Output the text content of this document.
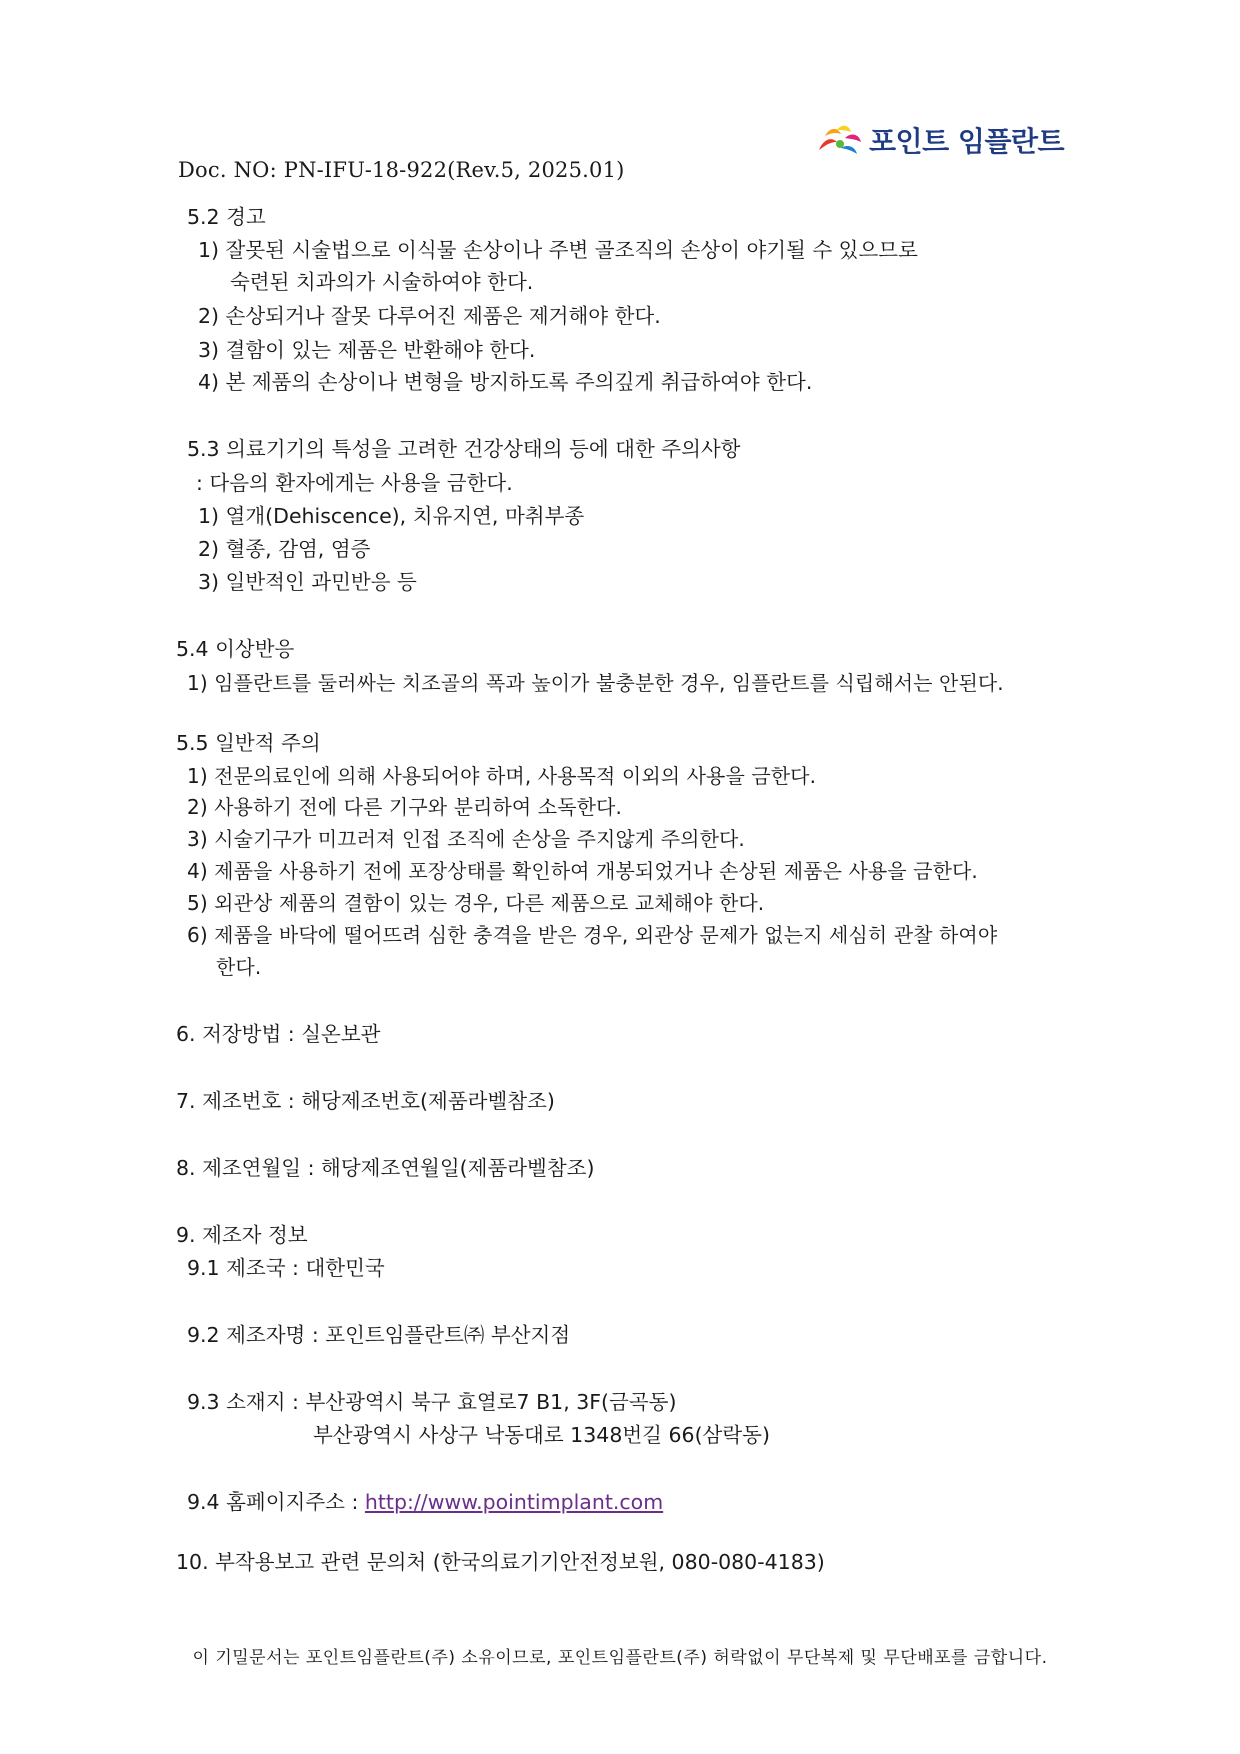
포인트 임플란트
Doc. NO: PN-IFU-18-922(Rev.5, 2025.01)
5.2 경고
1) 잘못된 시술법으로 이식물 손상이나 주변 골조직의 손상이 야기될 수 있으므로
숙련된 치과의가 시술하여야 한다.
2) 손상되거나 잘못 다루어진 제품은 제거해야 한다.
3) 결함이 있는 제품은 반환해야 한다.
4) 본 제품의 손상이나 변형을 방지하도록 주의깊게 취급하여야 한다.
5.3 의료기기의 특성을 고려한 건강상태의 등에 대한 주의사항
: 다음의 환자에게는 사용을 금한다.
1) 열개(Dehiscence), 치유지연, 마취부종
2) 혈종, 감염, 염증
3) 일반적인 과민반응 등
5.4 이상반응
1) 임플란트를 둘러싸는 치조골의 폭과 높이가 불충분한 경우, 임플란트를 식립해서는 안된다.
5.5 일반적 주의
1) 전문의료인에 의해 사용되어야 하며, 사용목적 이외의 사용을 금한다.
2) 사용하기 전에 다른 기구와 분리하여 소독한다.
3) 시술기구가 미끄러져 인접 조직에 손상을 주지않게 주의한다.
4) 제품을 사용하기 전에 포장상태를 확인하여 개봉되었거나 손상된 제품은 사용을 금한다.
5) 외관상 제품의 결함이 있는 경우, 다른 제품으로 교체해야 한다.
6) 제품을 바닥에 떨어뜨려 심한 충격을 받은 경우, 외관상 문제가 없는지 세심히 관찰 하여야
한다.
6. 저장방법 : 실온보관
7. 제조번호 : 해당제조번호(제품라벨참조)
8. 제조연월일 : 해당제조연월일(제품라벨참조)
9. 제조자 정보
9.1 제조국 : 대한민국
9.2 제조자명 : 포인트임플란트㈜ 부산지점
9.3 소재지 : 부산광역시 북구 효열로7 B1, 3F(금곡동)
부산광역시 사상구 낙동대로 1348번길 66(삼락동)
9.4 홈페이지주소 : http://www.pointimplant.com
10. 부작용보고 관련 문의처 (한국의료기기안전정보원, 080-080-4183)
이 기밀문서는 포인트임플란트(주) 소유이므로, 포인트임플란트(주) 허락없이 무단복제 및 무단배포를 금합니다.
